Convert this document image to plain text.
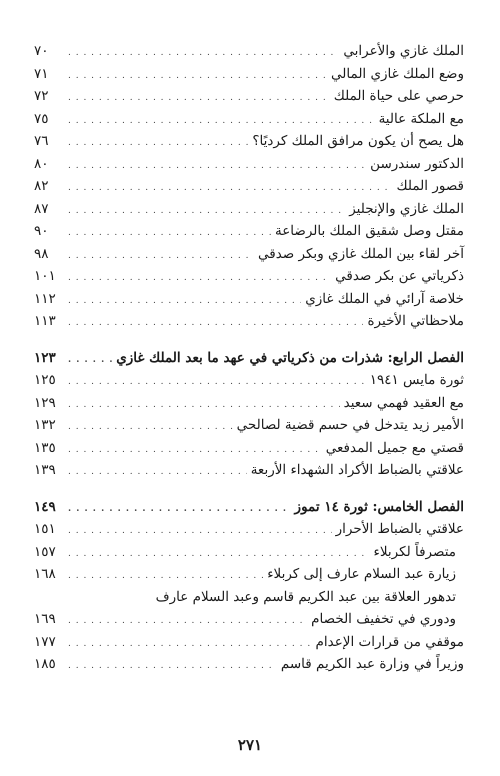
الملك غازي والأعرابي
. . .
٧٠
وضع الملك غازي المالي
. . .
٧١
حرصي على حياة الملك
. . .
٧٢
مع الملكة عالية
. . .
٧٥
هل يصح أن يكون مرافق الملك كرديًا؟
. . .
٧٦
الدكتور سندرسن
. . .
٨٠
قصور الملك
. . .
٨٢
الملك غازي والإنجليز
. . .
٨٧
مقتل وصل شقيق الملك بالرضاعة
. . .
٩٠
آخر لقاء بين الملك غازي وبكر صدقي
. . .
٩٨
ذكرياتي عن بكر صدقي
. . .
١٠١
خلاصة آرائي في الملك غازي
. . .
١١٢
ملاحظاتي الأخيرة
. . .
١١٣
الفصل الرابع: شذرات من ذكرياتي في عهد ما بعد الملك غازي
. . .
١٢٣
ثورة مايس ١٩٤١
. . .
١٢٥
مع العقيد فهمي سعيد
. . .
١٢٩
الأمير زيد يتدخل في حسم قضية لصالحي
. . .
١٣٢
قصتي مع جميل المدفعي
. . .
١٣٥
علاقتي بالضباط الأكراد الشهداء الأربعة
. . .
١٣٩
الفصل الخامس: ثورة ١٤ تموز
. . .
١٤٩
علاقتي بالضباط الأحرار
. . .
١٥١
متصرفاً لكربلاء
. . .
١٥٧
زيارة عبد السلام عارف إلى كربلاء
. . .
١٦٨
تدهور العلاقة بين عبد الكريم قاسم وعبد السلام عارف
ودوري في تخفيف الخصام
. . .
١٦٩
موقفي من قرارات الإعدام
. . .
١٧٧
وزيراً في وزارة عبد الكريم قاسم
. . .
١٨٥
٢٧١
